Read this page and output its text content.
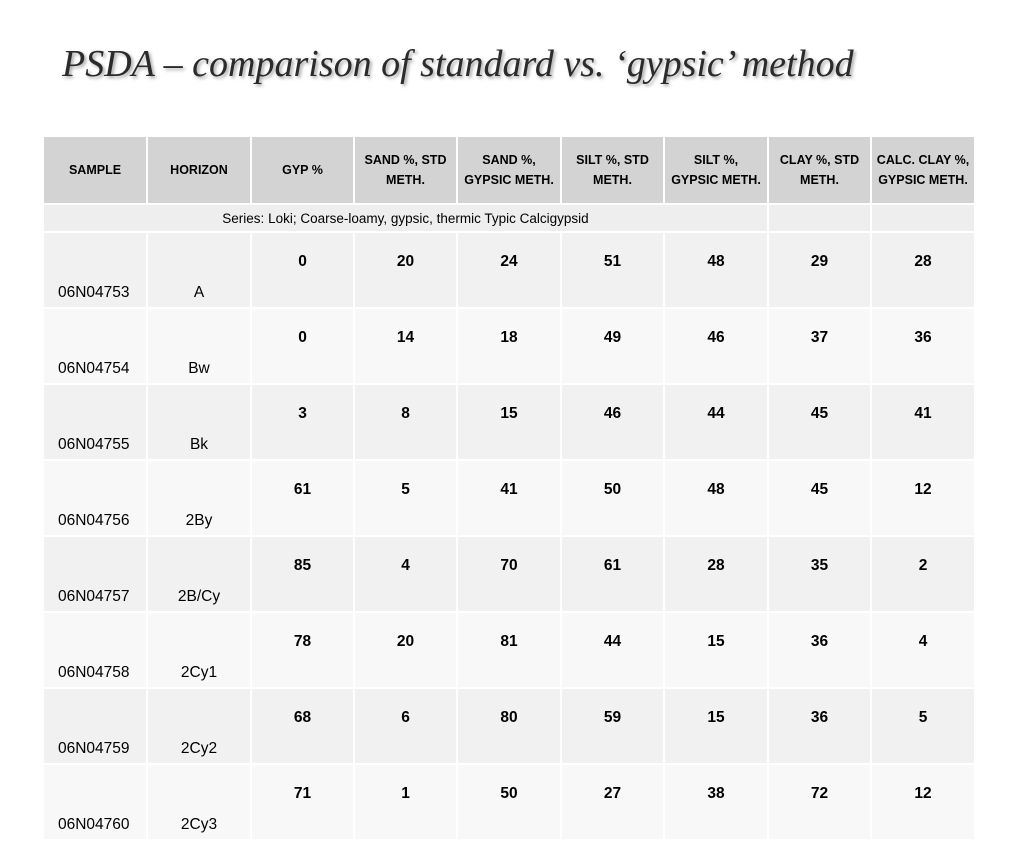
PSDA – comparison of standard vs. ‘gypsic’ method
SAMPLE	HORIZON	GYP %	SAND %, STD METH.	SAND %, GYPSIC METH.	SILT %, STD METH.	SILT %, GYPSIC METH.	CLAY %, STD METH.	CALC. CLAY %, GYPSIC METH.
Series: Loki; Coarse-loamy, gypsic, thermic Typic Calcigypsid								
06N04753	A	0	20	24	51	48	29	28
06N04754	Bw	0	14	18	49	46	37	36
06N04755	Bk	3	8	15	46	44	45	41
06N04756	2By	61	5	41	50	48	45	12
06N04757	2B/Cy	85	4	70	61	28	35	2
06N04758	2Cy1	78	20	81	44	15	36	4
06N04759	2Cy2	68	6	80	59	15	36	5
06N04760	2Cy3	71	1	50	27	38	72	12
